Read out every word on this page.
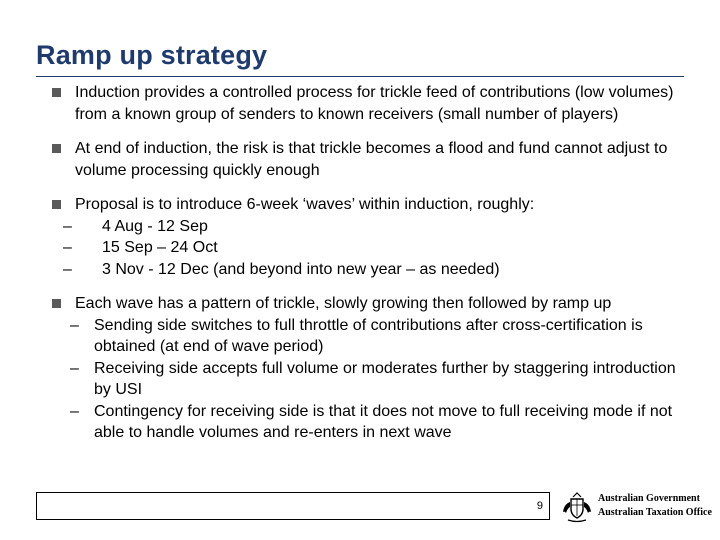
Ramp up strategy
Induction provides a controlled process for trickle feed of contributions (low volumes) from a known group of senders to known receivers (small number of players)
At end of induction, the risk is that trickle becomes a flood and fund cannot adjust to volume processing quickly enough
Proposal is to introduce 6-week ‘waves’ within induction, roughly:
– 4 Aug - 12 Sep
– 15 Sep – 24 Oct
– 3 Nov - 12 Dec (and beyond into new year – as needed)
Each wave has a pattern of trickle, slowly growing then followed by ramp up
– Sending side switches to full throttle of contributions after cross-certification is obtained (at end of wave period)
– Receiving side accepts full volume or moderates further by staggering introduction by USI
– Contingency for receiving side is that it does not move to full receiving mode if not able to handle volumes and re-enters in next wave
9
Australian Government
Australian Taxation Office
